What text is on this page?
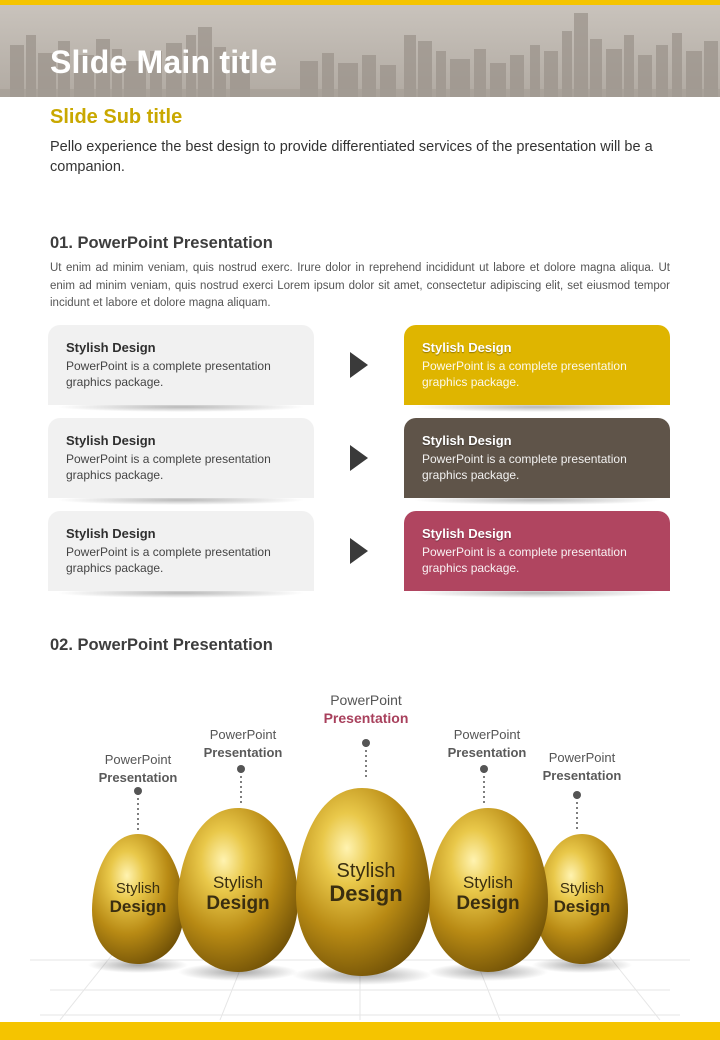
Slide Main title
Slide Sub title

Pello experience the best design to provide differentiated services of the presentation will be a companion.

01. PowerPoint Presentation

Ut enim ad minim veniam, quis nostrud exerc. Irure dolor in reprehend incididunt ut labore et dolore magna aliqua. Ut enim ad minim veniam, quis nostrud exerci Lorem ipsum dolor sit amet, consectetur adipiscing elit, set eiusmod tempor incidunt et labore et dolore magna aliquam.

Stylish Design
PowerPoint is a complete presentation graphics package.
Stylish Design
PowerPoint is a complete presentation graphics package.
Stylish Design
PowerPoint is a complete presentation graphics package.
Stylish Design
PowerPoint is a complete presentation graphics package.
Stylish Design
PowerPoint is a complete presentation graphics package.
Stylish Design
PowerPoint is a complete presentation graphics package.
02. PowerPoint Presentation
Stylish
Design
Stylish
Design
Stylish
Design	Stylish
Design
Stylish
Design
PowerPoint
Presentation
PowerPoint
Presentation
PowerPoint
Presentation
PowerPoint
Presentation	PowerPoint
Presentation
